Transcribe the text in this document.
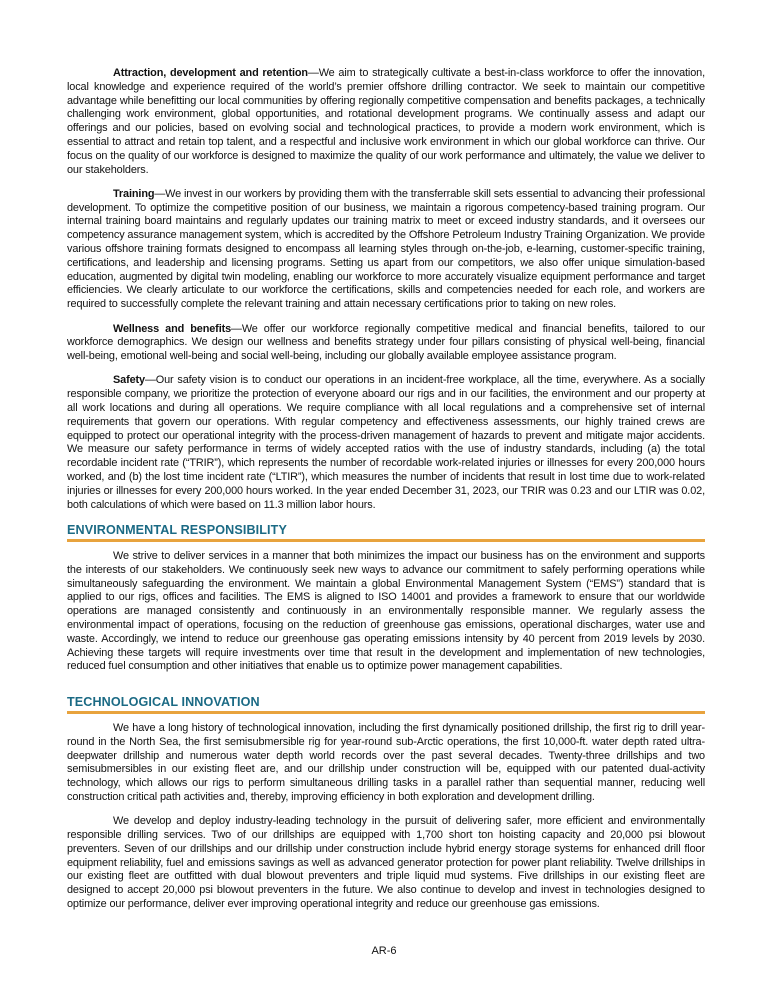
Attraction, development and retention—We aim to strategically cultivate a best-in-class workforce to offer the innovation, local knowledge and experience required of the world’s premier offshore drilling contractor. We seek to maintain our competitive advantage while benefitting our local communities by offering regionally competitive compensation and benefits packages, a technically challenging work environment, global opportunities, and rotational development programs. We continually assess and adapt our offerings and our policies, based on evolving social and technological practices, to provide a modern work environment, which is essential to attract and retain top talent, and a respectful and inclusive work environment in which our global workforce can thrive. Our focus on the quality of our workforce is designed to maximize the quality of our work performance and ultimately, the value we deliver to our stakeholders.

Training—We invest in our workers by providing them with the transferrable skill sets essential to advancing their professional development. To optimize the competitive position of our business, we maintain a rigorous competency-based training program. Our internal training board maintains and regularly updates our training matrix to meet or exceed industry standards, and it oversees our competency assurance management system, which is accredited by the Offshore Petroleum Industry Training Organization. We provide various offshore training formats designed to encompass all learning styles through on-the-job, e-learning, customer-specific training, certifications, and leadership and licensing programs. Setting us apart from our competitors, we also offer unique simulation-based education, augmented by digital twin modeling, enabling our workforce to more accurately visualize equipment performance and target efficiencies. We clearly articulate to our workforce the certifications, skills and competencies needed for each role, and workers are required to successfully complete the relevant training and attain necessary certifications prior to taking on new roles.

Wellness and benefits—We offer our workforce regionally competitive medical and financial benefits, tailored to our workforce demographics. We design our wellness and benefits strategy under four pillars consisting of physical well-being, financial well-being, emotional well-being and social well-being, including our globally available employee assistance program.

Safety—Our safety vision is to conduct our operations in an incident-free workplace, all the time, everywhere. As a socially responsible company, we prioritize the protection of everyone aboard our rigs and in our facilities, the environment and our property at all work locations and during all operations. We require compliance with all local regulations and a comprehensive set of internal requirements that govern our operations. With regular competency and effectiveness assessments, our highly trained crews are equipped to protect our operational integrity with the process-driven management of hazards to prevent and mitigate major accidents. We measure our safety performance in terms of widely accepted ratios with the use of industry standards, including (a) the total recordable incident rate (“TRIR”), which represents the number of recordable work-related injuries or illnesses for every 200,000 hours worked, and (b) the lost time incident rate (“LTIR”), which measures the number of incidents that result in lost time due to work-related injuries or illnesses for every 200,000 hours worked. In the year ended December 31, 2023, our TRIR was 0.23 and our LTIR was 0.02, both calculations of which were based on 11.3 million labor hours.

ENVIRONMENTAL RESPONSIBILITY

We strive to deliver services in a manner that both minimizes the impact our business has on the environment and supports the interests of our stakeholders. We continuously seek new ways to advance our commitment to safely performing operations while simultaneously safeguarding the environment. We maintain a global Environmental Management System (“EMS”) standard that is applied to our rigs, offices and facilities. The EMS is aligned to ISO 14001 and provides a framework to ensure that our worldwide operations are managed consistently and continuously in an environmentally responsible manner. We regularly assess the environmental impact of operations, focusing on the reduction of greenhouse gas emissions, operational discharges, water use and waste. Accordingly, we intend to reduce our greenhouse gas operating emissions intensity by 40 percent from 2019 levels by 2030. Achieving these targets will require investments over time that result in the development and implementation of new technologies, reduced fuel consumption and other initiatives that enable us to optimize power management capabilities.

TECHNOLOGICAL INNOVATION

We have a long history of technological innovation, including the first dynamically positioned drillship, the first rig to drill year-round in the North Sea, the first semisubmersible rig for year-round sub-Arctic operations, the first 10,000-ft. water depth rated ultra-deepwater drillship and numerous water depth world records over the past several decades. Twenty-three drillships and two semisubmersibles in our existing fleet are, and our drillship under construction will be, equipped with our patented dual-activity technology, which allows our rigs to perform simultaneous drilling tasks in a parallel rather than sequential manner, reducing well construction critical path activities and, thereby, improving efficiency in both exploration and development drilling.

We develop and deploy industry-leading technology in the pursuit of delivering safer, more efficient and environmentally responsible drilling services. Two of our drillships are equipped with 1,700 short ton hoisting capacity and 20,000 psi blowout preventers. Seven of our drillships and our drillship under construction include hybrid energy storage systems for enhanced drill floor equipment reliability, fuel and emissions savings as well as advanced generator protection for power plant reliability. Twelve drillships in our existing fleet are outfitted with dual blowout preventers and triple liquid mud systems. Five drillships in our existing fleet are designed to accept 20,000 psi blowout preventers in the future. We also continue to develop and invest in technologies designed to optimize our performance, deliver ever improving operational integrity and reduce our greenhouse gas emissions.

AR-6
